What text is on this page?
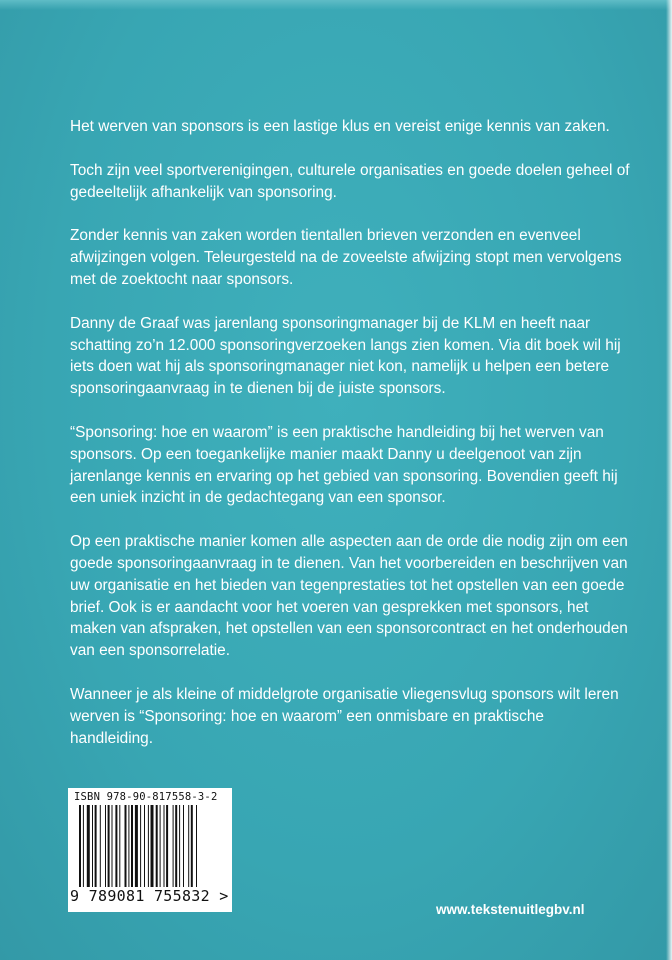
Het werven van sponsors is een lastige klus en vereist enige kennis van zaken.

Toch zijn veel sportverenigingen, culturele organisaties en goede doelen geheel of gedeeltelijk afhankelijk van sponsoring.

Zonder kennis van zaken worden tientallen brieven verzonden en evenveel afwijzingen volgen. Teleurgesteld na de zoveelste afwijzing stopt men vervolgens met de zoektocht naar sponsors.

Danny de Graaf was jarenlang sponsoringmanager bij de KLM en heeft naar schatting zo’n 12.000 sponsoringverzoeken langs zien komen. Via dit boek wil hij iets doen wat hij als sponsoringmanager niet kon, namelijk u helpen een betere sponsoringaanvraag in te dienen bij de juiste sponsors.

“Sponsoring: hoe en waarom” is een praktische handleiding bij het werven van sponsors. Op een toegankelijke manier maakt Danny u deelgenoot van zijn jarenlange kennis en ervaring op het gebied van sponsoring. Bovendien geeft hij een uniek inzicht in de gedachtegang van een sponsor.

Op een praktische manier komen alle aspecten aan de orde die nodig zijn om een goede sponsoringaanvraag in te dienen. Van het voorbereiden en beschrijven van uw organisatie en het bieden van tegenprestaties tot het opstellen van een goede brief. Ook is er aandacht voor het voeren van gesprekken met sponsors, het maken van afspraken, het opstellen van een sponsorcontract en het onderhouden van een sponsorrelatie.

Wanneer je als kleine of middelgrote organisatie vliegensvlug sponsors wilt leren werven is “Sponsoring: hoe en waarom” een onmisbare en praktische handleiding.

ISBN 978-90-817558-3-2
9 789081 755832 >
www.tekstenuitlegbv.nl
